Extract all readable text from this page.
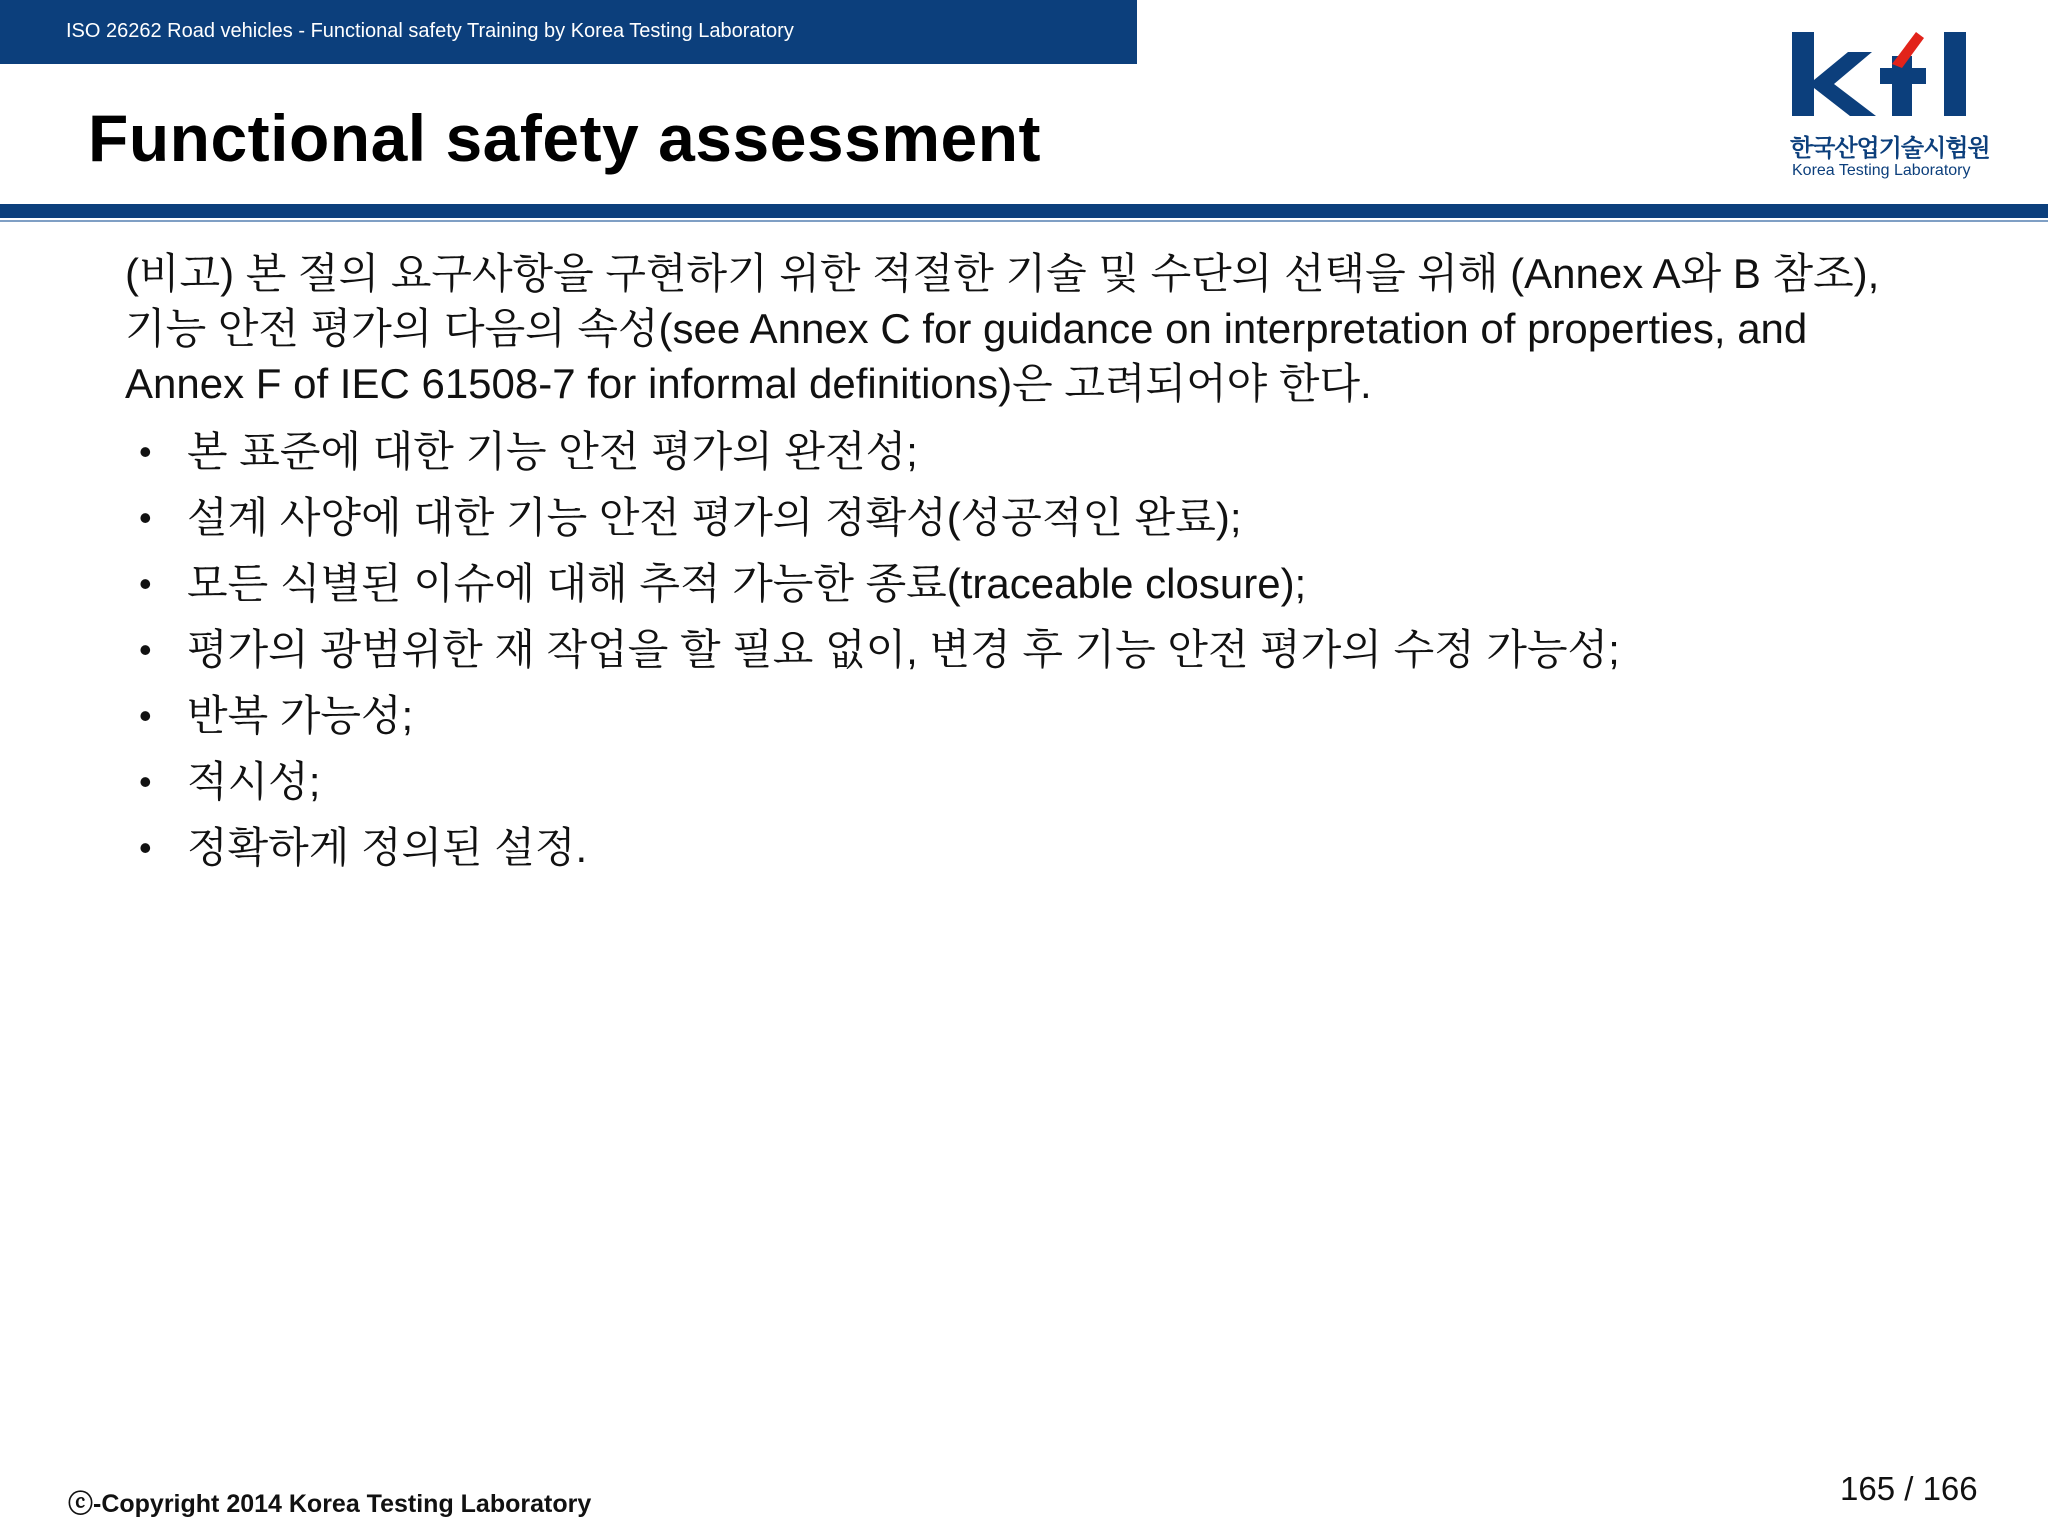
ISO 26262 Road vehicles - Functional safety Training by Korea Testing Laboratory
Functional safety assessment	한국산업기술시험원
Korea Testing Laboratory

(비고) 본 절의 요구사항을 구현하기 위한 적절한 기술 및 수단의 선택을 위해 (Annex A와 B 참조), 기능 안전 평가의 다음의 속성(see Annex C for guidance on interpretation of properties, and Annex F of IEC 61508-7 for informal definitions)은 고려되어야 한다.

• 본 표준에 대한 기능 안전 평가의 완전성;
• 설계 사양에 대한 기능 안전 평가의 정확성(성공적인 완료);
• 모든 식별된 이슈에 대해 추적 가능한 종료(traceable closure);
• 평가의 광범위한 재 작업을 할 필요 없이, 변경 후 기능 안전 평가의 수정 가능성;
• 반복 가능성;
• 적시성;
• 정확하게 정의된 설정.
ⓒ-Copyright 2014 Korea Testing Laboratory	165 / 166
